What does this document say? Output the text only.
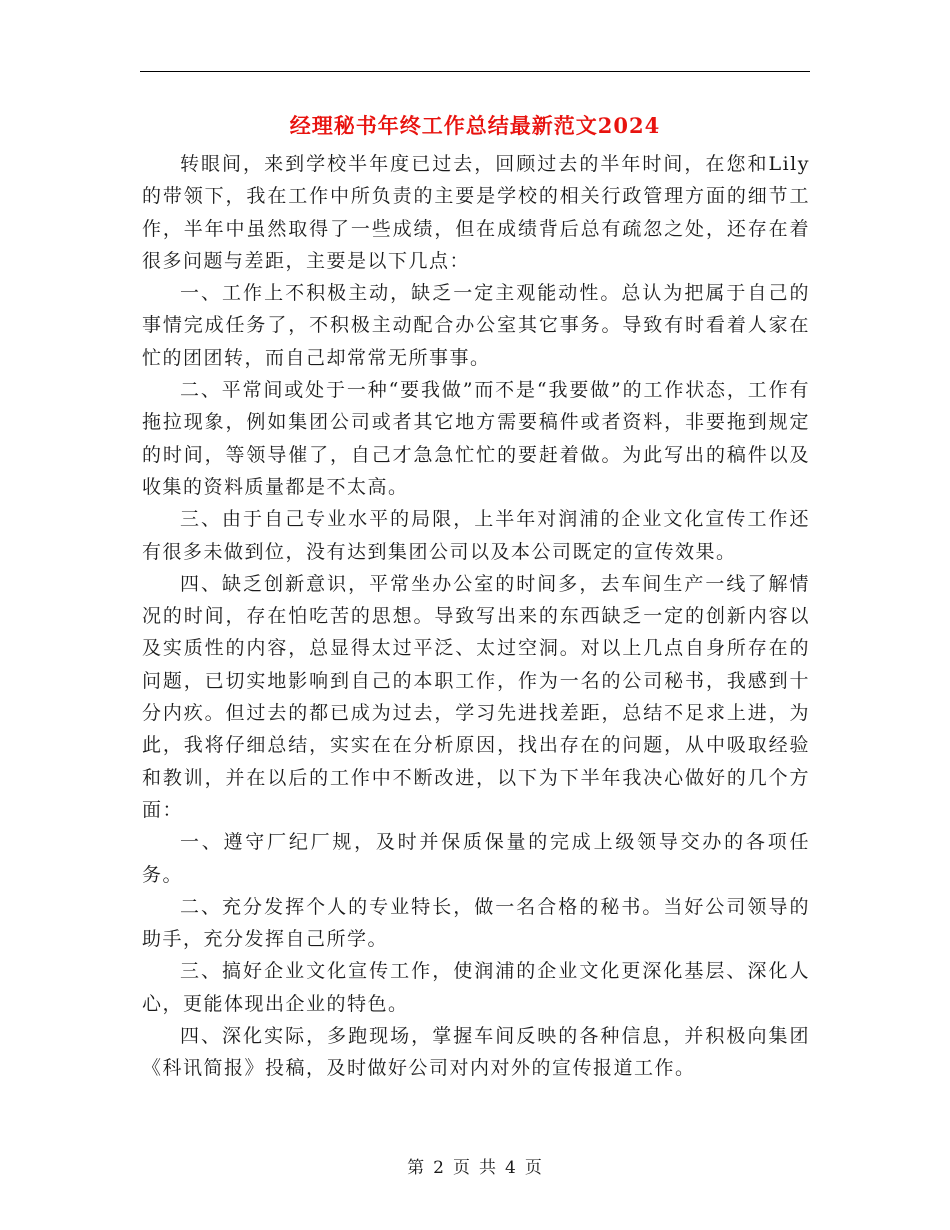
经理秘书年终工作总结最新范文2024

转眼间，来到学校半年度已过去，回顾过去的半年时间，在您和Lily的带领下，我在工作中所负责的主要是学校的相关行政管理方面的细节工作，半年中虽然取得了一些成绩，但在成绩背后总有疏忽之处，还存在着很多问题与差距，主要是以下几点：

一、工作上不积极主动，缺乏一定主观能动性。总认为把属于自己的事情完成任务了，不积极主动配合办公室其它事务。导致有时看着人家在忙的团团转，而自己却常常无所事事。

二、平常间或处于一种“要我做”而不是“我要做”的工作状态，工作有拖拉现象，例如集团公司或者其它地方需要稿件或者资料，非要拖到规定的时间，等领导催了，自己才急急忙忙的要赶着做。为此写出的稿件以及收集的资料质量都是不太高。

三、由于自己专业水平的局限，上半年对润浦的企业文化宣传工作还有很多未做到位，没有达到集团公司以及本公司既定的宣传效果。

四、缺乏创新意识，平常坐办公室的时间多，去车间生产一线了解情况的时间，存在怕吃苦的思想。导致写出来的东西缺乏一定的创新内容以及实质性的内容，总显得太过平泛、太过空洞。对以上几点自身所存在的问题，已切实地影响到自己的本职工作，作为一名的公司秘书，我感到十分内疚。但过去的都已成为过去，学习先进找差距，总结不足求上进，为此，我将仔细总结，实实在在分析原因，找出存在的问题，从中吸取经验和教训，并在以后的工作中不断改进，以下为下半年我决心做好的几个方面：

一、遵守厂纪厂规，及时并保质保量的完成上级领导交办的各项任务。

二、充分发挥个人的专业特长，做一名合格的秘书。当好公司领导的助手，充分发挥自己所学。

三、搞好企业文化宣传工作，使润浦的企业文化更深化基层、深化人心，更能体现出企业的特色。

四、深化实际，多跑现场，掌握车间反映的各种信息，并积极向集团《科讯简报》投稿，及时做好公司对内对外的宣传报道工作。

第 2 页 共 4 页
